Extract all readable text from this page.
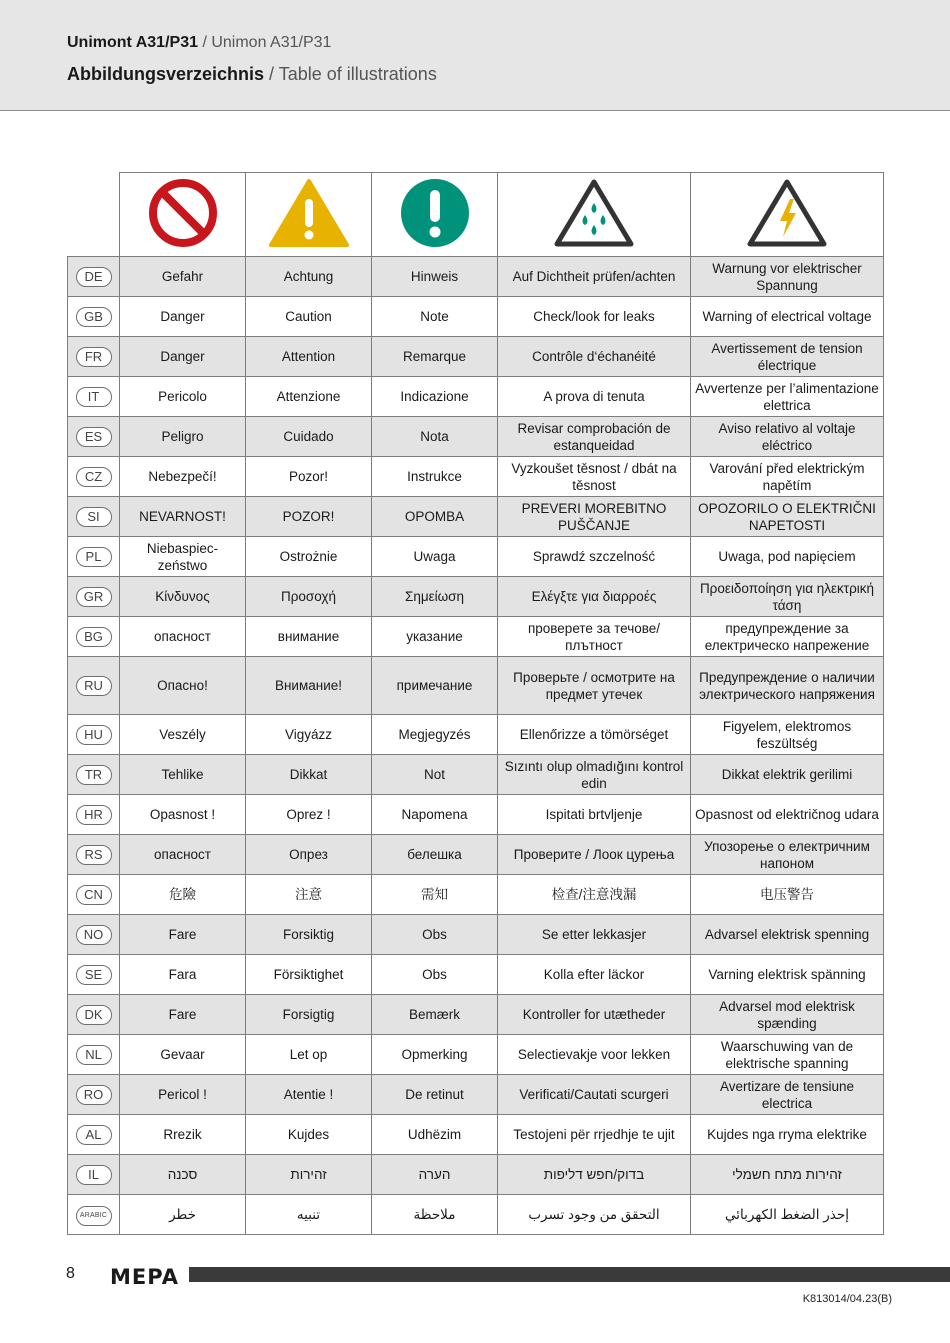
Unimont A31/P31 / Unimon A31/P31
Abbildungsverzeichnis / Table of illustrations

DE	Gefahr	Achtung	Hinweis	Auf Dichtheit prüfen/achten	Warnung vor elektrischer Spannung
GB	Danger	Caution	Note	Check/look for leaks	Warning of electrical voltage
FR	Danger	Attention	Remarque	Contrôle d‘échanéité	Avertissement de tension électrique
IT	Pericolo	Attenzione	Indicazione	A prova di tenuta	Avvertenze per l’alimentazione elettrica
ES	Peligro	Cuidado	Nota	Revisar comprobación de estanqueidad	Aviso relativo al voltaje eléctrico
CZ	Nebezpečí!	Pozor!	Instrukce	Vyzkoušet těsnost / dbát na těsnost	Varování před elektrickým napětím
SI	NEVARNOST!	POZOR!	OPOMBA	PREVERI MOREBITNO PUŠČANJE	OPOZORILO O ELEKTRIČNI NAPETOSTI
PL	Niebaspiec- zeństwo	Ostrożnie	Uwaga	Sprawdź szczelność	Uwaga, pod napięciem
GR	Κίνδυνος	Προσοχή	Σημείωση	Ελέγξτε για διαρροές	Προειδοποίηση για ηλεκτρική τάση
BG	опасност	внимание	указание	проверете за течове/ плътност	предупреждение за електрическо напрежение
RU	Опасно!	Внимание!	примечание	Проверьте / осмотрите на предмет утечек	Предупреждение о наличии электрического напряжения
HU	Veszély	Vigyázz	Megjegyzés	Ellenőrizze a tömörséget	Figyelem, elektromos feszültség
TR	Tehlike	Dikkat	Not	Sızıntı olup olmadığını kontrol edin	Dikkat elektrik gerilimi
HR	Opasnost !	Oprez !	Napomena	Ispitati brtvljenje	Opasnost od električnog udara
RS	опасност	Опрез	белешка	Проверите / Лоок цурења	Упозорење о електричним напоном
CN	危險	注意	需知	检查/注意洩漏	电压警告
NO	Fare	Forsiktig	Obs	Se etter lekkasjer	Advarsel elektrisk spenning
SE	Fara	Försiktighet	Obs	Kolla efter läckor	Varning elektrisk spänning
DK	Fare	Forsigtig	Bemærk	Kontroller for utætheder	Advarsel mod elektrisk spænding
NL	Gevaar	Let op	Opmerking	Selectievakje voor lekken	Waarschuwing van de elektrische spanning
RO	Pericol !	Atentie !	De retinut	Verificati/Cautati scurgeri	Avertizare de tensiune electrica
AL	Rrezik	Kujdes	Udhëzim	Testojeni për rrjedhje te ujit	Kujdes nga rryma elektrike
IL	סכנה	זהירות	הערה	בדוק/חפש דליפות	זהירות מתח חשמלי
ARABIC	خطر	تنبيه	ملاحظة	التحقق من وجود تسرب	إحذر الضغط الكهربائي
8 MEPA
K813014/04.23(B)
